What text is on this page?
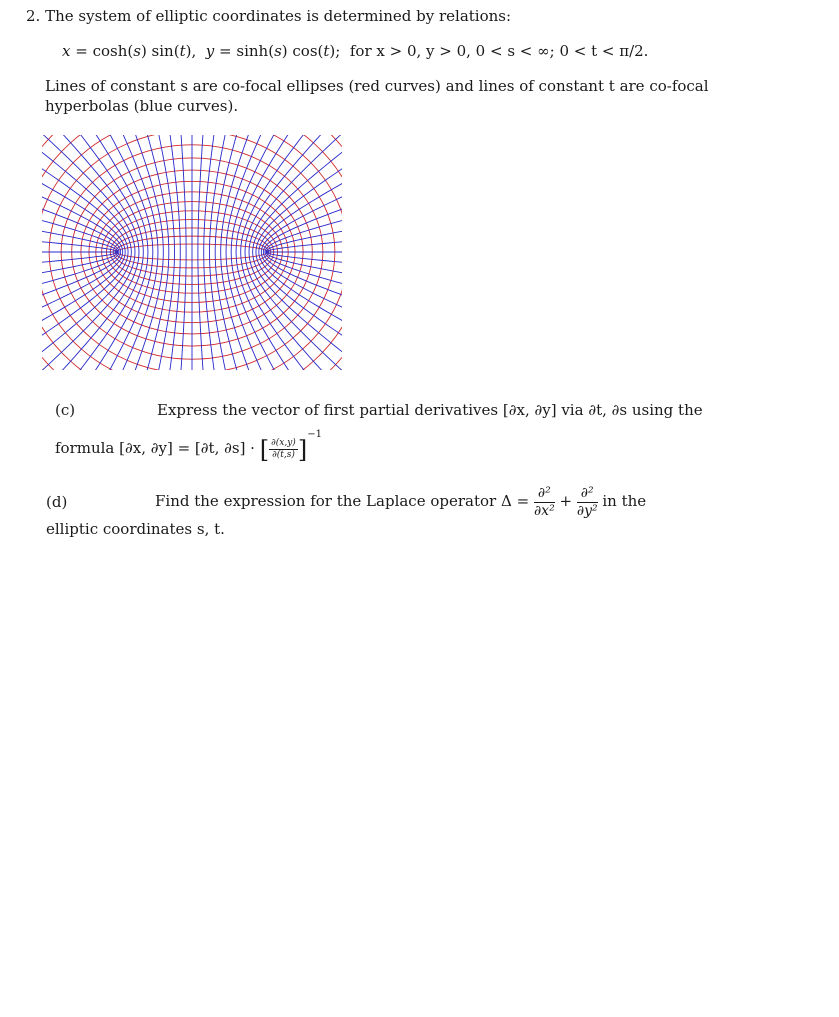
2. The system of elliptic coordinates is determined by relations:
x = cosh(s) sin(t), y = sinh(s) cos(t); for x > 0, y > 0, 0 < s < ∞; 0 < t < π/2.
Lines of constant s are co-focal ellipses (red curves) and lines of constant t are co-focal
hyperbolas (blue curves).
(c)	Express the vector of first partial derivatives [∂x, ∂y] via ∂t, ∂s using the
formula [∂x, ∂y] = [∂t, ∂s] · [ $\frac{\partial(x,y)}{\partial(t,s)} ]^{-1}$
(d)	Find the expression for the Laplace operator $\Delta = \frac{\text{∂²}}{\text{∂x²}} + \frac{\text{∂²}}{\text{∂y²}}$ in the
elliptic coordinates s, t.
